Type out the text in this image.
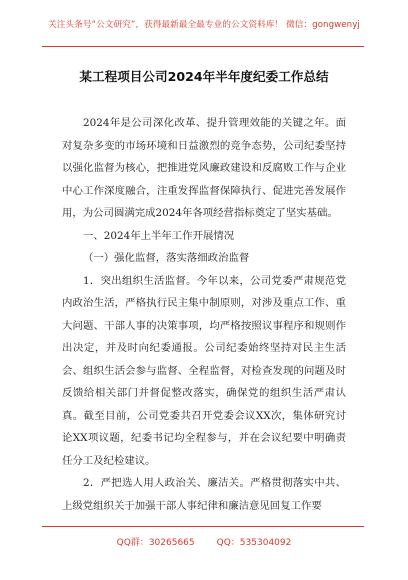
关注头条号“公文研究”，获得最新最全最专业的公文资料库！ 微信：gongwenyj
某工程项目公司2024年半年度纪委工作总结

2024年是公司深化改革、提升管理效能的关键之年。面对复杂多变的市场环境和日益激烈的竞争态势，公司纪委坚持以强化监督为核心，把推进党风廉政建设和反腐败工作与企业中心工作深度融合，注重发挥监督保障执行、促进完善发展作用，为公司圆满完成2024年各项经营指标奠定了坚实基础。

一、2024年上半年工作开展情况

（一）强化监督，落实落细政治监督

1．突出组织生活监督。今年以来，公司党委严肃规范党内政治生活，严格执行民主集中制原则，对涉及重点工作、重大问题、干部人事的决策事项，均严格按照议事程序和规则作出决定，并及时向纪委通报。公司纪委始终坚持对民主生活会、组织生活会参与监督、全程监督，对检查发现的问题及时反馈给相关部门并督促整改落实，确保党的组织生活严肃认真。截至目前，公司党委共召开党委会议XX次，集体研究讨论XX项议题，纪委书记均全程参与，并在会议纪要中明确责任分工及纪检建议。

2．严把选人用人政治关、廉洁关。严格贯彻落实中共、上级党组织关于加强干部人事纪律和廉洁意见回复工作要

QQ群：30265665 QQ：535304092
